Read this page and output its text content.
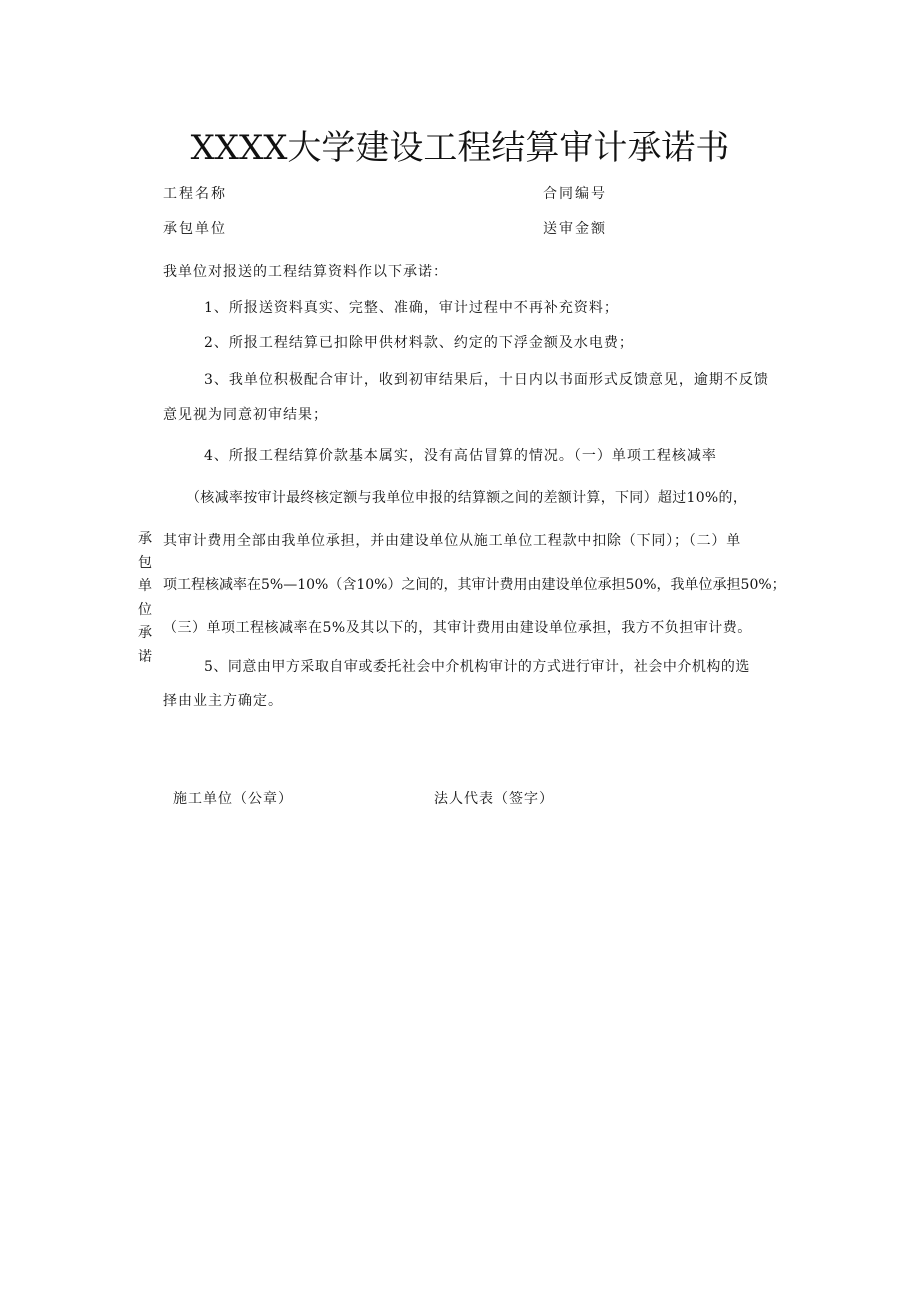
XXXX大学建设工程结算审计承诺书
工程名称	合同编号
承包单位	送审金额
我单位对报送的工程结算资料作以下承诺：
1、所报送资料真实、完整、准确，审计过程中不再补充资料；
2、所报工程结算已扣除甲供材料款、约定的下浮金额及水电费；
3、我单位积极配合审计，收到初审结果后，十日内以书面形式反馈意见，逾期不反馈
意见视为同意初审结果；
4、所报工程结算价款基本属实，没有高估冒算的情况。（一）单项工程核减率
（核减率按审计最终核定额与我单位申报的结算额之间的差额计算，下同）超过10%的，
其审计费用全部由我单位承担，并由建设单位从施工单位工程款中扣除（下同）；（二）单
项工程核减率在5%—10%（含10%）之间的，其审计费用由建设单位承担50%，我单位承担50%；
（三）单项工程核减率在5%及其以下的，其审计费用由建设单位承担，我方不负担审计费。
5、同意由甲方采取自审或委托社会中介机构审计的方式进行审计，社会中介机构的选
择由业主方确定。
承
包
单
位
承
诺
施工单位（公章）	法人代表（签字）
